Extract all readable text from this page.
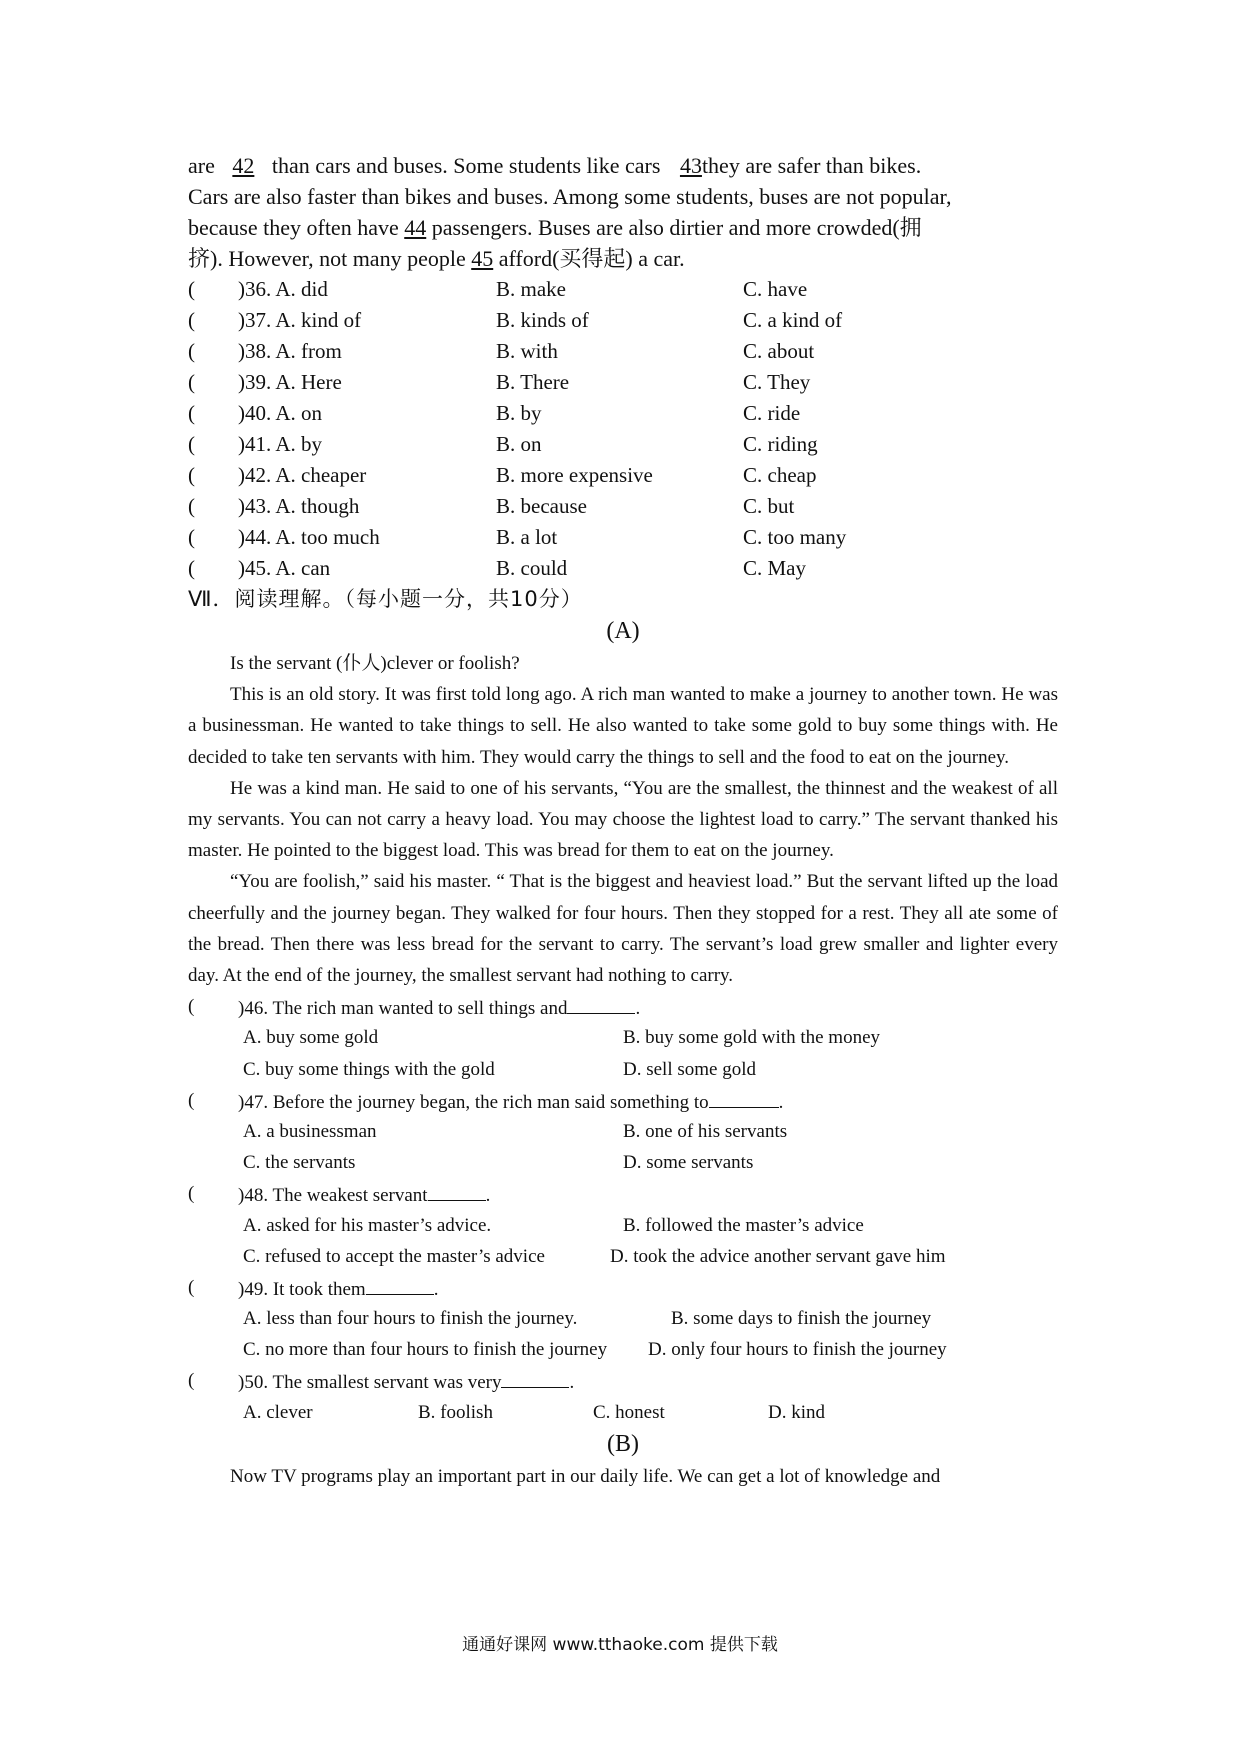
are 42 than cars and buses. Some students like cars 43they are safer than bikes.

Cars are also faster than bikes and buses. Among some students, buses are not popular,

because they often have 44 passengers. Buses are also dirtier and more crowded(拥

挤). However, not many people 45 afford(买得起) a car.

( )36. A. did	B. make	C. have
( )37. A. kind of	B. kinds of	C. a kind of
( )38. A. from	B. with	C. about
( )39. A. Here	B. There	C. They
( )40. A. on	B. by	C. ride
( )41. A. by	B. on	C. riding
( )42. A. cheaper	B. more expensive	C. cheap
( )43. A. though	B. because	C. but
( )44. A. too much	B. a lot	C. too many
( )45. A. can	B. could	C. May

Ⅶ．阅读理解。（每小题一分，共10分）

(A)

Is the servant (仆人)clever or foolish?

This is an old story. It was first told long ago. A rich man wanted to make a journey to another town. He was a businessman. He wanted to take things to sell. He also wanted to take some gold to buy some things with. He decided to take ten servants with him. They would carry the things to sell and the food to eat on the journey.

He was a kind man. He said to one of his servants, “You are the smallest, the thinnest and the weakest of all my servants. You can not carry a heavy load. You may choose the lightest load to carry.” The servant thanked his master. He pointed to the biggest load. This was bread for them to eat on the journey.

“You are foolish,” said his master. “ That is the biggest and heaviest load.” But the servant lifted up the load cheerfully and the journey began. They walked for four hours. Then they stopped for a rest. They all ate some of the bread. Then there was less bread for the servant to carry. The servant’s load grew smaller and lighter every day. At the end of the journey, the smallest servant had nothing to carry.

( )46. The rich man wanted to sell things and	.
A. buy some gold	B. buy some gold with the money
C. buy some things with the gold	D. sell some gold
( )47. Before the journey began, the rich man said something to	.
A. a businessman	B. one of his servants
C. the servants	D. some servants
( )48. The weakest servant	.
A. asked for his master’s advice.	B. followed the master’s advice
C. refused to accept the master’s advice	D. took the advice another servant gave him
( )49. It took them	.
A. less than four hours to finish the journey.	B. some days to finish the journey
C. no more than four hours to finish the journey D. only four hours to finish the journey
( )50. The smallest servant was very	.
A. clever	B. foolish	C. honest	D. kind

(B)

Now TV programs play an important part in our daily life. We can get a lot of knowledge and

通通好课网 www.tthaoke.com 提供下载
